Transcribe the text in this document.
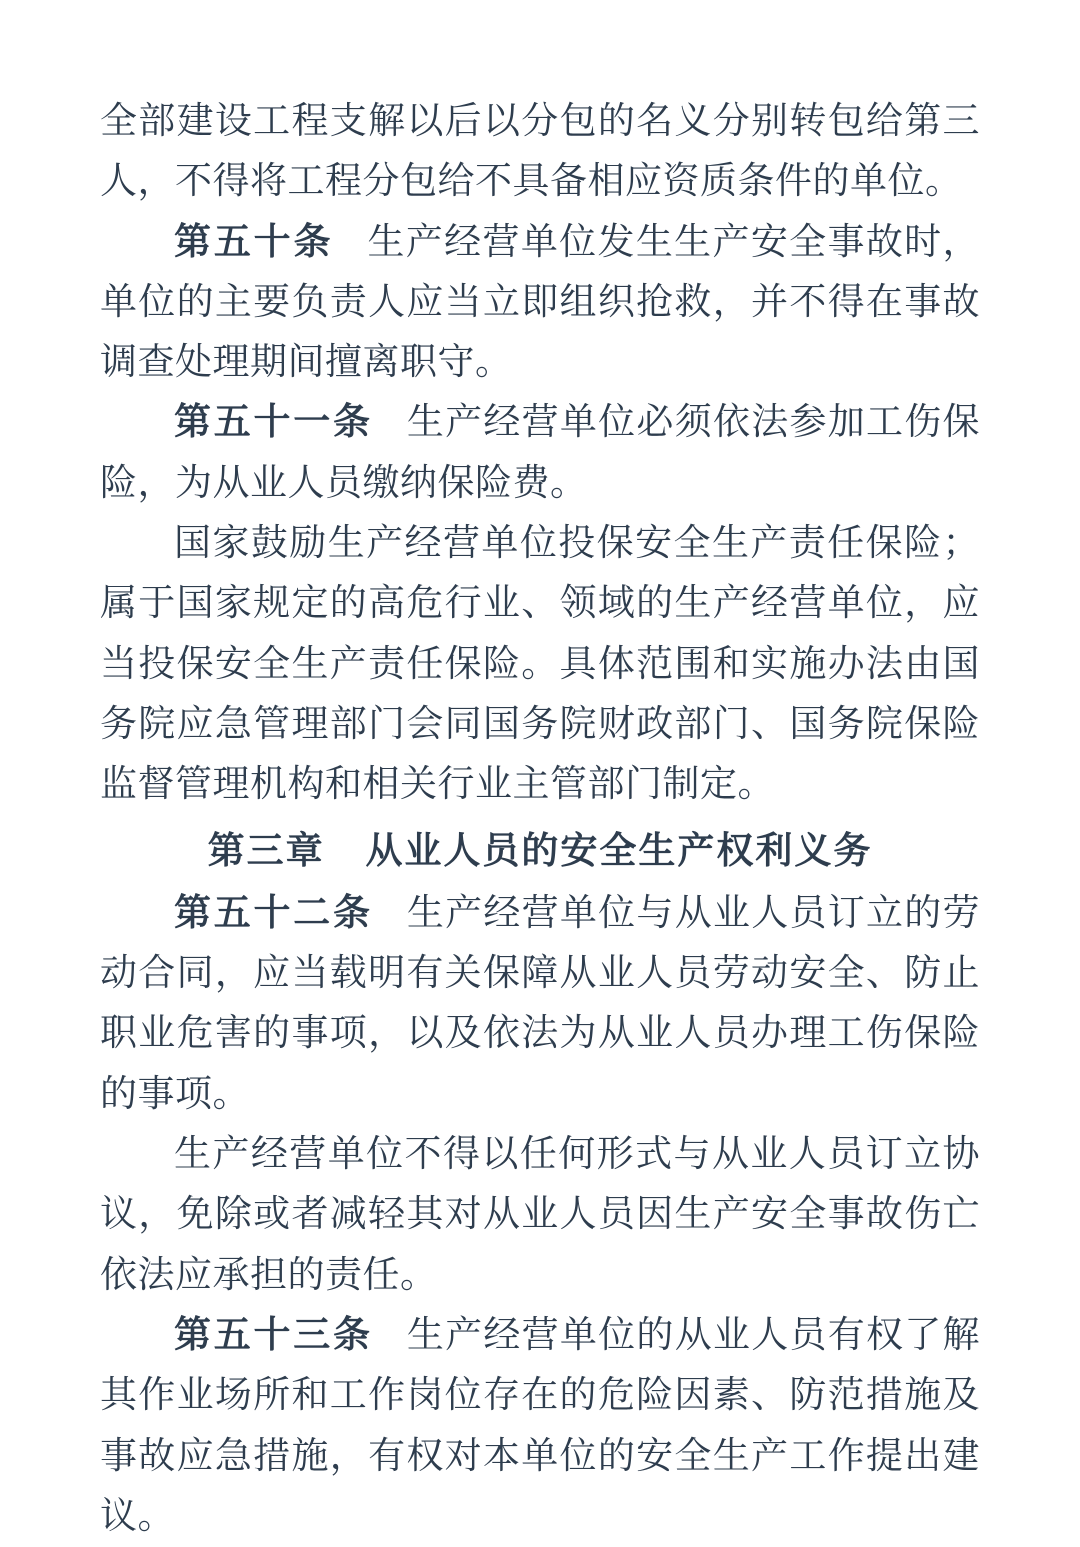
全部建设工程支解以后以分包的名义分别转包给第三人，不得将工程分包给不具备相应资质条件的单位。

第五十条 生产经营单位发生生产安全事故时，单位的主要负责人应当立即组织抢救，并不得在事故调查处理期间擅离职守。

第五十一条 生产经营单位必须依法参加工伤保险，为从业人员缴纳保险费。

国家鼓励生产经营单位投保安全生产责任保险；属于国家规定的高危行业、领域的生产经营单位，应当投保安全生产责任保险。具体范围和实施办法由国务院应急管理部门会同国务院财政部门、国务院保险监督管理机构和相关行业主管部门制定。

第三章 从业人员的安全生产权利义务

第五十二条 生产经营单位与从业人员订立的劳动合同，应当载明有关保障从业人员劳动安全、防止职业危害的事项，以及依法为从业人员办理工伤保险的事项。

生产经营单位不得以任何形式与从业人员订立协议，免除或者减轻其对从业人员因生产安全事故伤亡依法应承担的责任。

第五十三条 生产经营单位的从业人员有权了解其作业场所和工作岗位存在的危险因素、防范措施及事故应急措施，有权对本单位的安全生产工作提出建议。
